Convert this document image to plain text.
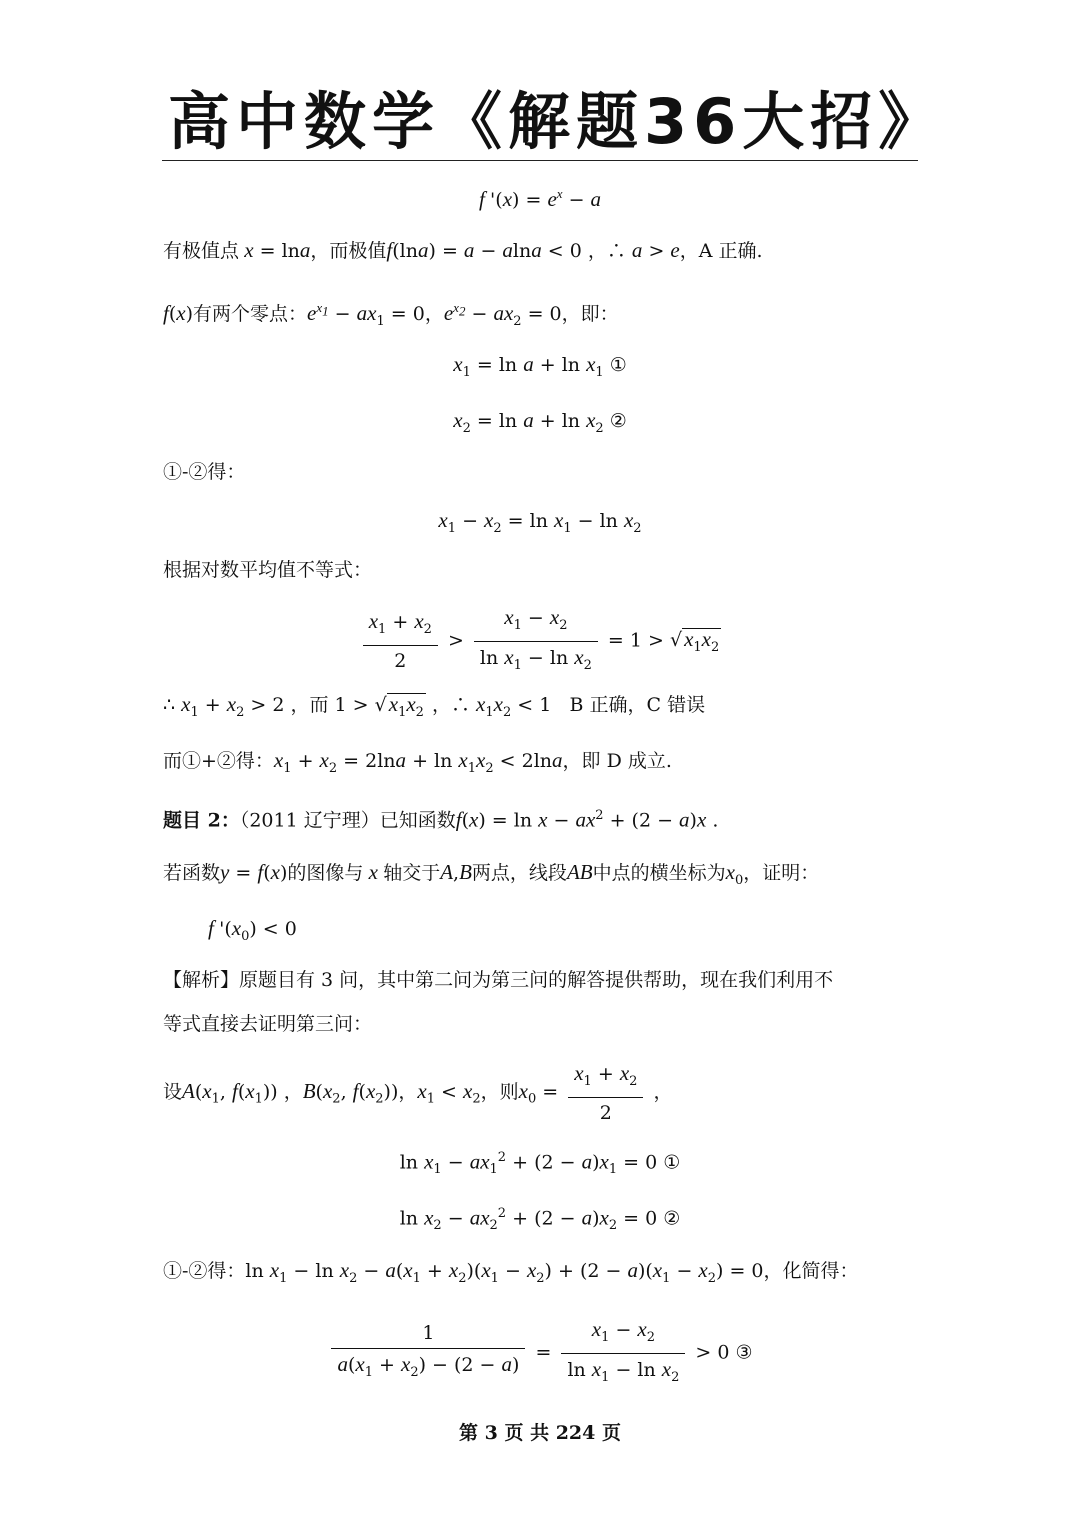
高中数学《解题36大招》
f '$(x) = e^x - a$
有极值点 x = lna，而极值f(lna) = a − alna < 0 ，∴ a > e，A 正确.
f(x)有两个零点：$e^{x_1} - ax_1 = 0$，$e^{x_2} - ax_2 = 0$，即：
$x_1 = \ln a + \ln x_1$ ①
$x_2 = \ln a + \ln x_2$ ②
①-②得：
$x_1 - x_2 = \ln x_1 - \ln x_2$
根据对数平均值不等式：
$\frac{x_1 + x_2}{2} > \frac{x_1 - x_2}{\ln x_1 - \ln x_2} = 1 > √x_1x_2$
∴ $x_1 + x_2 > 2$ ，而 $1 > √x_1x_2$ ，∴ $x_1x_2 < 1$   B 正确，C 错误
而①+②得：$x_1 + x_2 = 2\ln a + \ln x_1x_2 < 2\ln a$，即 D 成立.
题目 2：（2011 辽宁理）已知函数$f(x) = \ln x - ax^2 + (2 - a)x$ .
若函数y = f(x)的图像与 x 轴交于A,B两点，线段AB中点的横坐标为$x_0$，证明：
f '$(x_0) < 0$
【解析】原题目有 3 问，其中第二问为第三问的解答提供帮助，现在我们利用不
等式直接去证明第三问：
设$A(x_1$, $f(x_1)$) ，$B(x_2$, $f(x_2)$)，$x_1 < x_2$，则$x_0 = \frac{x_1 + x_2}{2}$ ，
$\ln x_1 - ax_1^2 + (2 - a)x_1 = 0$ ①
$\ln x_2 - ax_2^2 + (2 - a)x_2 = 0$ ②
①-②得：$\ln x_1 - \ln x_2 - a(x_1 + x_2)(x_1 - x_2) + (2 - a)(x_1 - x_2) = 0$，化简得：
$\frac{1}{a(x_1 + x_2) - (2 - a)} = \frac{x_1 - x_2}{\ln x_1 - \ln x_2} > 0$ ③
第 3 页 共 224 页
